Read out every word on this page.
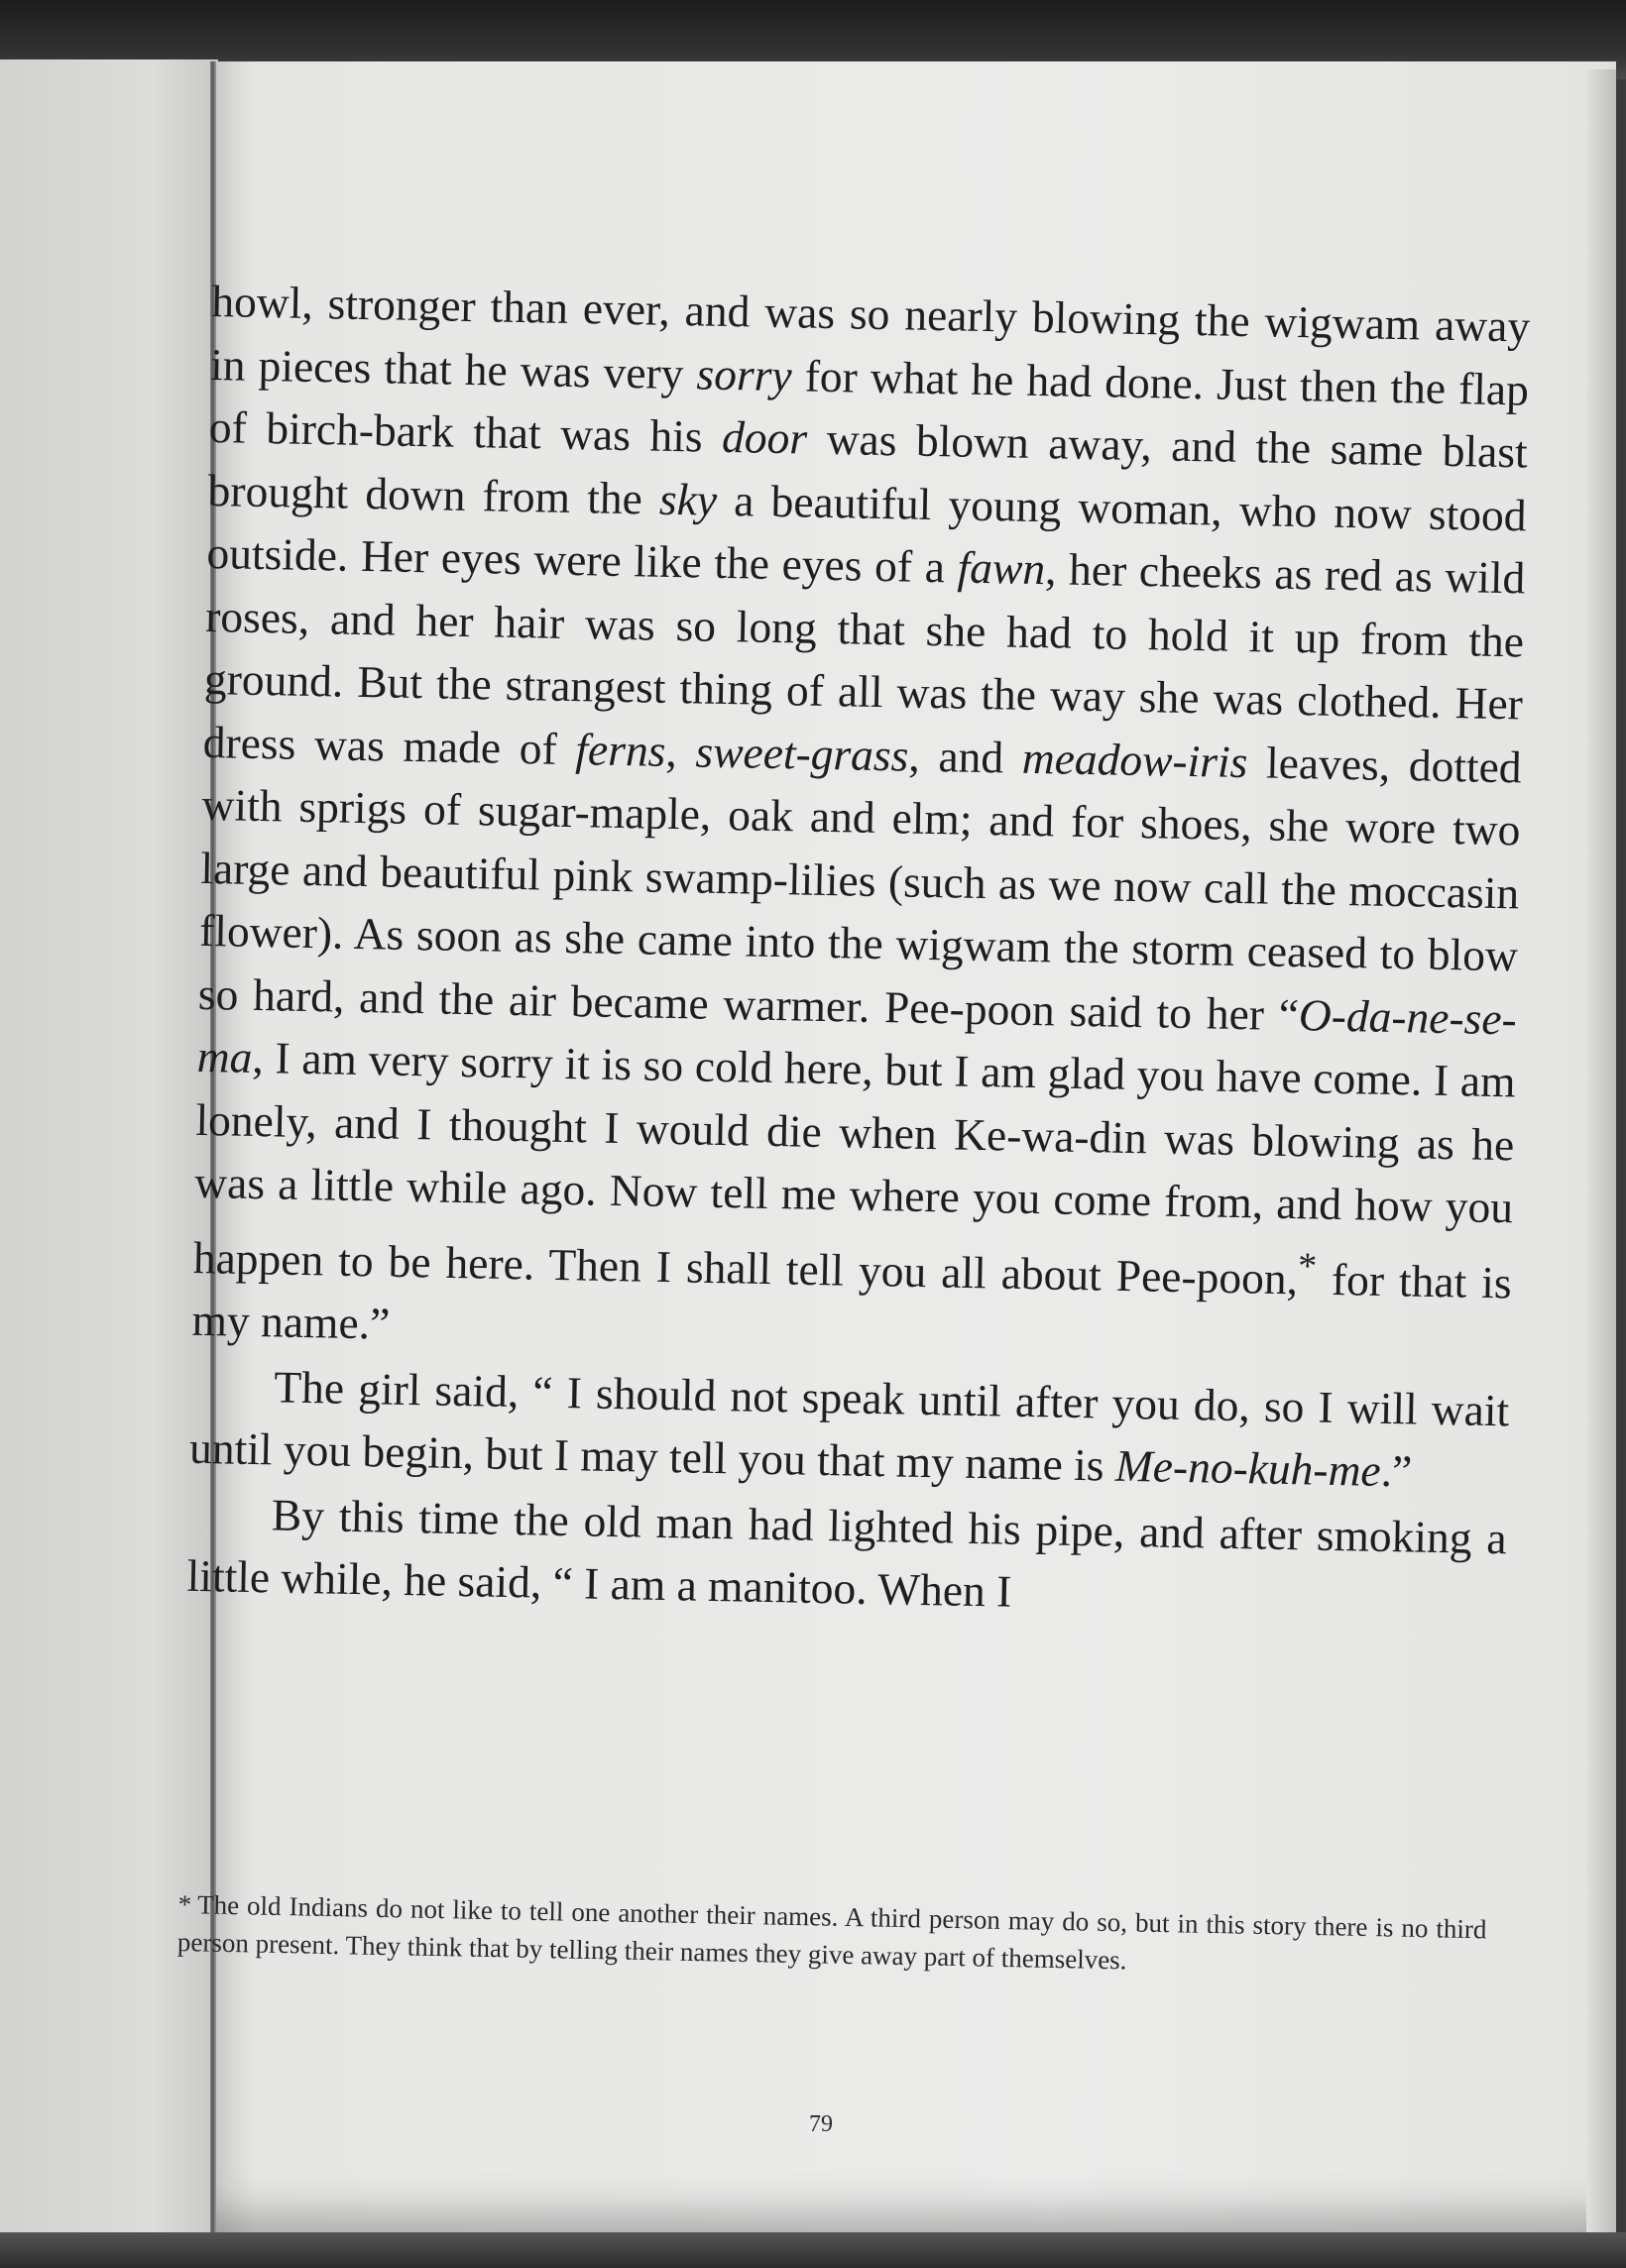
howl, stronger than ever, and was so nearly blowing the wigwam away in pieces that he was very sorry for what he had done. Just then the flap of birch-bark that was his door was blown away, and the same blast brought down from the sky a beautiful young woman, who now stood outside. Her eyes were like the eyes of a fawn, her cheeks as red as wild roses, and her hair was so long that she had to hold it up from the ground. But the strangest thing of all was the way she was clothed. Her dress was made of ferns, sweet-grass, and meadow-iris leaves, dotted with sprigs of sugar-maple, oak and elm; and for shoes, she wore two large and beautiful pink swamp-lilies (such as we now call the moccasin flower). As soon as she came into the wigwam the storm ceased to blow so hard, and the air became warmer. Pee-poon said to her “O-da-ne-se-ma, I am very sorry it is so cold here, but I am glad you have come. I am lonely, and I thought I would die when Ke-wa-din was blowing as he was a little while ago. Now tell me where you come from, and how you happen to be here. Then I shall tell you all about Pee-poon,* for that is my name.”

The girl said, “ I should not speak until after you do, so I will wait until you begin, but I may tell you that my name is Me-no-kuh-me.”

By this time the old man had lighted his pipe, and after smoking a little while, he said, “ I am a manitoo. When I

* The old Indians do not like to tell one another their names. A third person may do so, but in this story there is no third person present. They think that by telling their names they give away part of themselves.
79
